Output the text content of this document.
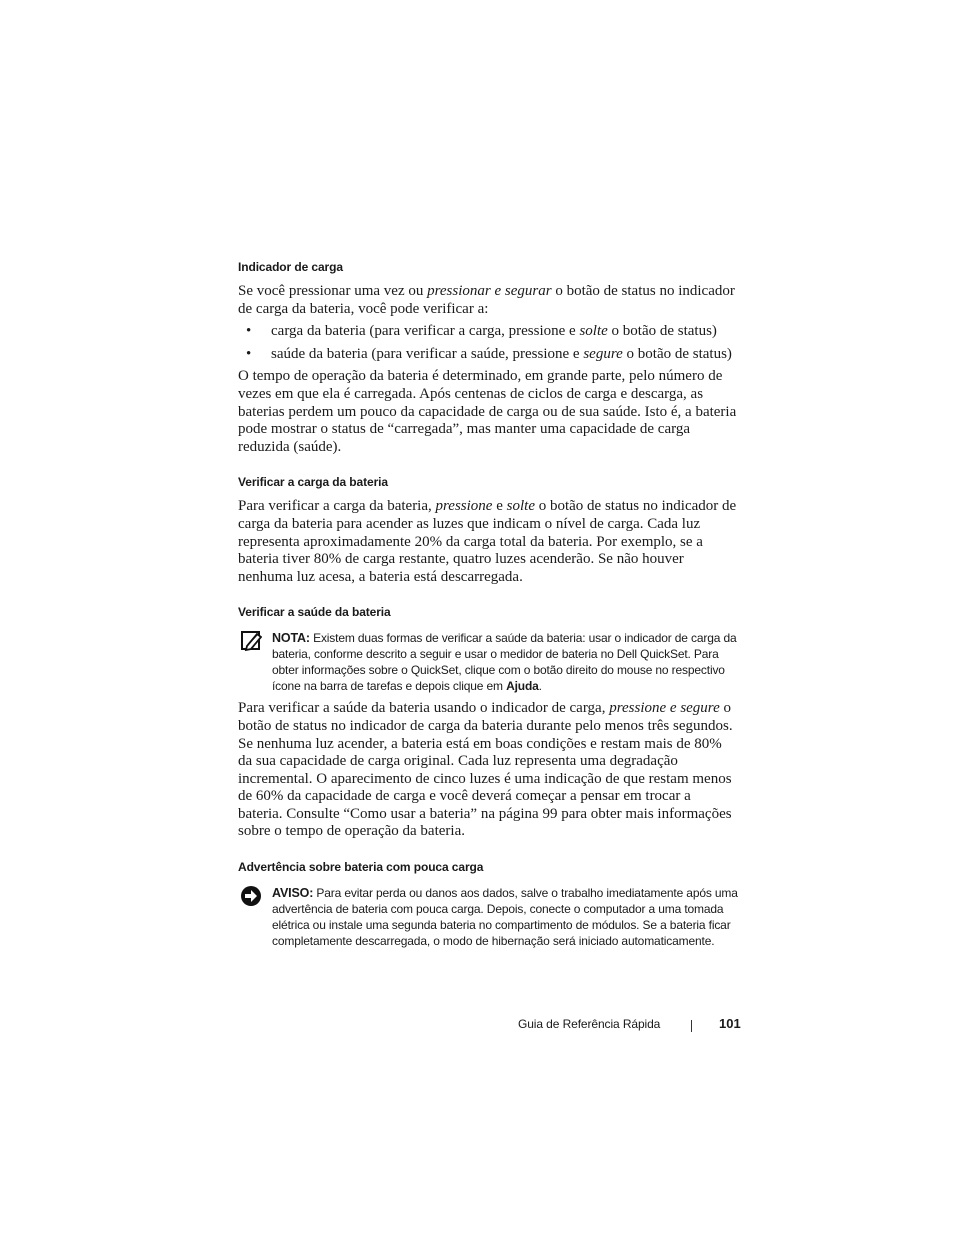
Indicador de carga

Se você pressionar uma vez ou pressionar e segurar o botão de status no indicador de carga da bateria, você pode verificar a:

• carga da bateria (para verificar a carga, pressione e solte o botão de status)
• saúde da bateria (para verificar a saúde, pressione e segure o botão de status)

O tempo de operação da bateria é determinado, em grande parte, pelo número de vezes em que ela é carregada. Após centenas de ciclos de carga e descarga, as baterias perdem um pouco da capacidade de carga ou de sua saúde. Isto é, a bateria pode mostrar o status de “carregada”, mas manter uma capacidade de carga reduzida (saúde).

Verificar a carga da bateria

Para verificar a carga da bateria, pressione e solte o botão de status no indicador de carga da bateria para acender as luzes que indicam o nível de carga. Cada luz representa aproximadamente 20% da carga total da bateria. Por exemplo, se a bateria tiver 80% de carga restante, quatro luzes acenderão. Se não houver nenhuma luz acesa, a bateria está descarregada.

Verificar a saúde da bateria
NOTA: Existem duas formas de verificar a saúde da bateria: usar o indicador de carga da bateria, conforme descrito a seguir e usar o medidor de bateria no Dell QuickSet. Para obter informações sobre o QuickSet, clique com o botão direito do mouse no respectivo ícone na barra de tarefas e depois clique em Ajuda.

Para verificar a saúde da bateria usando o indicador de carga, pressione e segure o botão de status no indicador de carga da bateria durante pelo menos três segundos. Se nenhuma luz acender, a bateria está em boas condições e restam mais de 80% da sua capacidade de carga original. Cada luz representa uma degradação incremental. O aparecimento de cinco luzes é uma indicação de que restam menos de 60% da capacidade de carga e você deverá começar a pensar em trocar a bateria. Consulte “Como usar a bateria” na página 99 para obter mais informações sobre o tempo de operação da bateria.

Advertência sobre bateria com pouca carga
AVISO: Para evitar perda ou danos aos dados, salve o trabalho imediatamente após uma advertência de bateria com pouca carga. Depois, conecte o computador a uma tomada elétrica ou instale uma segunda bateria no compartimento de módulos. Se a bateria ficar completamente descarregada, o modo de hibernação será iniciado automaticamente.
Guia de Referência Rápida	101
